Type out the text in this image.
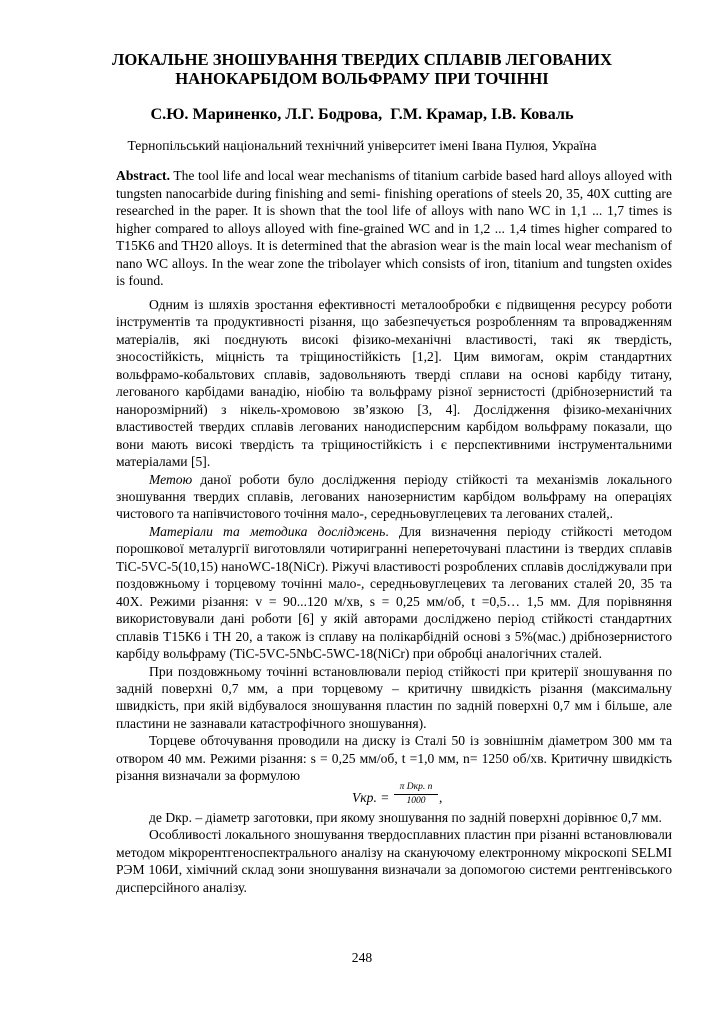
ЛОКАЛЬНЕ ЗНОШУВАННЯ ТВЕРДИХ СПЛАВІВ ЛЕГОВАНИХ
НАНОКАРБІДОМ ВОЛЬФРАМУ ПРИ ТОЧІННІ
С.Ю. Мариненко, Л.Г. Бодрова,  Г.М. Крамар, І.В. Коваль
Тернопільський національний технічний університет імені Івана Пулюя, Україна
Abstract. The tool life and local wear mechanisms of titanium carbide based hard alloys alloyed with tungsten nanocarbide during finishing and semi- finishing operations of steels 20, 35, 40X cutting are researched in the paper. It is shown that the tool life of alloys with nano WC in 1,1 ... 1,7 times is higher compared to alloys alloyed with fine-grained WC and in 1,2 ... 1,4 times higher compared to T15K6 and TH20 alloys. It is determined that the abrasion wear is the main local wear mechanism of nano WC alloys. In the wear zone the tribolayer which consists of iron, titanium and tungsten oxides is found.

Одним із шляхів зростання ефективності металообробки є підвищення ресурсу роботи інструментів та продуктивності різання, що забезпечується розробленням та впровадженням матеріалів, які поєднують високі фізико-механічні властивості, такі як твердість, зносостійкість, міцність та тріщиностійкість [1,2]. Цим вимогам, окрім стандартних вольфрамо-кобальтових сплавів, задовольняють тверді сплави на основі карбіду титану, легованого карбідами ванадію, ніобію та вольфраму різної зернистості (дрібнозернистий та нанорозмірний) з нікель-хромовою зв’язкою [3, 4]. Дослідження фізико-механічних властивостей твердих сплавів легованих нанодисперсним карбідом вольфраму показали, що вони мають високі твердість та тріщиностійкість і є перспективними інструментальними матеріалами [5].

Метою даної роботи було дослідження періоду стійкості та механізмів локального зношування твердих сплавів, легованих нанозернистим карбідом вольфраму на операціях чистового та напівчистового точіння мало-, середньовуглецевих та легованих сталей,.

Матеріали та методика досліджень. Для визначення періоду стійкості методом порошкової металургії виготовляли чотиригранні непереточувані пластини із твердих сплавів TiC-5VC-5(10,15) наноWC-18(NiCr). Ріжучі властивості розроблених сплавів досліджували при поздовжньому і торцевому точінні мало-, середньовуглецевих та легованих сталей 20, 35 та 40Х. Режими різання: v = 90...120 м/хв, s = 0,25 мм/об, t =0,5… 1,5 мм. Для порівняння використовували дані роботи [6] у якій авторами досліджено період стійкості стандартних сплавів Т15К6 і ТН 20, а також із сплаву на полікарбідній основі з 5%(мас.) дрібнозернистого карбіду вольфраму (TiC-5VC-5NbC-5WC-18(NiCr) при обробці аналогічних сталей.

При поздовжньому точінні встановлювали період стійкості при критерії зношування по задній поверхні 0,7 мм, а при торцевому – критичну швидкість різання (максимальну швидкість, при якій відбувалося зношування пластин по задній поверхні 0,7 мм і більше, але пластини не зазнавали катастрофічного зношування).

Торцеве обточування проводили на диску із Сталі 50 із зовнішнім діаметром 300 мм та отвором 40 мм. Режими різання: s = 0,25 мм/об, t =1,0 мм, n= 1250 об/хв. Критичну швидкість різання визначали за формулою

Vкр. =
π Dкр. n
1000 ,

де Dкр. – діаметр заготовки, при якому зношування по задній поверхні дорівнює 0,7 мм.

Особливості локального зношування твердосплавних пластин при різанні встановлювали методом мікрорентгеноспектрального аналізу на скануючому електронному мікроскопі SELMI РЭМ 106И, хімічний склад зони зношування визначали за допомогою системи рентгенівського дисперсійного аналізу.

248
